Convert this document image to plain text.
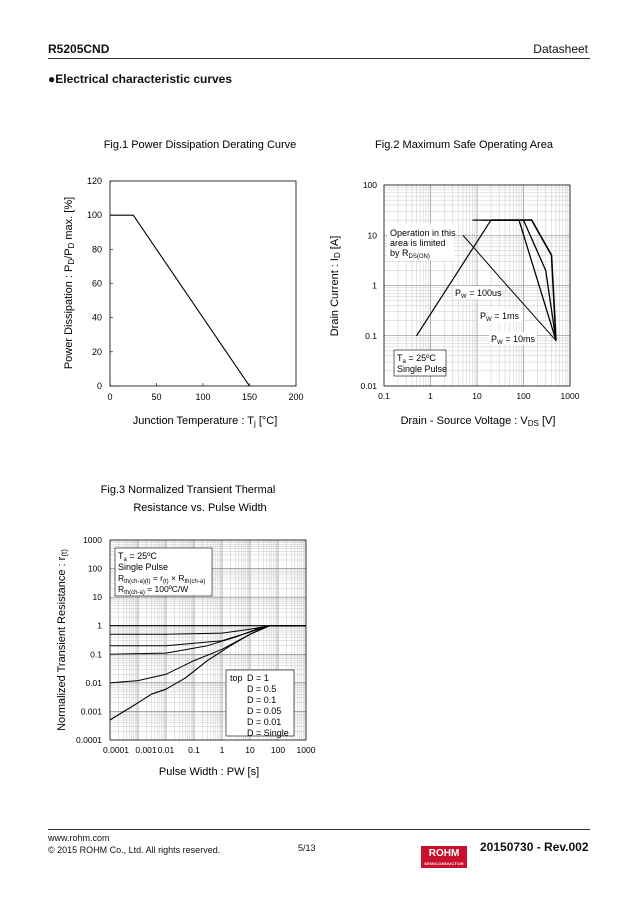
R5205CND	Datasheet
●Electrical characteristic curves
Fig.1 Power Dissipation Derating Curve
0	50	100	150	200
0
20
40
60
80
100
120
Junction Temperature : Tj [°C]
Power Dissipation : PD/PD max. [%]
Fig.2 Maximum Safe Operating Area
0.1	1	10	100	1000
0.01
0.1
1
10
100
Operation in this
area is limited
by $R_{DS(ON)}$
$P_W = 100us$
$P_W = 1ms$
$P_W = 10ms$
$T_a$ = 25ºC
Single Pulse
Drain - Source Voltage : VDS [V]
Drain Current : ID [A]
Fig.3 Normalized Transient Thermal
Resistance vs. Pulse Width
0.0001 0.001 0.01 0.1 1 10 100 1000
0.0001
0.001
0.01
0.1
1
10
100
1000
$T_a$ = 25ºC
Single Pulse
$R_{th(ch-a)(t)} = r_{(t)} \times R_{th(ch-a)}$
$R_{th(ch-a)}$ = 100ºC/W
top D = 1
D = 0.5
D = 0.1
D = 0.05
D = 0.01
D = Single
Pulse Width : PW [s]
Normalized Transient Resistance : r(t)
www.rohm.com
© 2015 ROHM Co., Ltd. All rights reserved.	5/13	ROHM
SEMICONDUCTOR
20150730 - Rev.002
